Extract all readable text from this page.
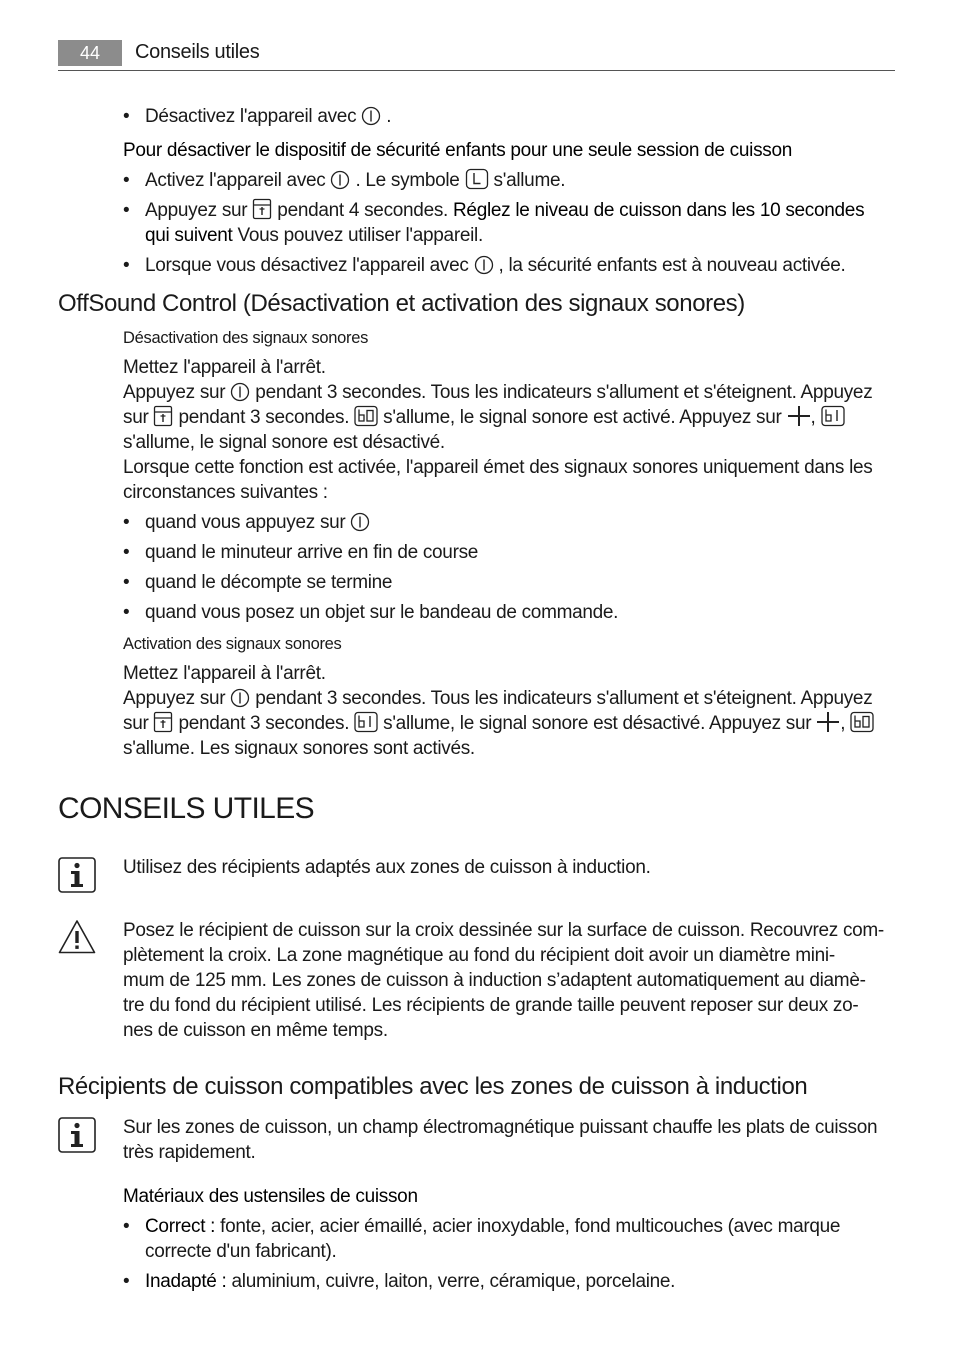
44	Conseils utiles
• Désactivez l'appareil avec .
Pour désactiver le dispositif de sécurité enfants pour une seule session de cuisson
• Activez l'appareil avec . Le symbole s'allume.
• Appuyez sur pendant 4 secondes. Réglez le niveau de cuisson dans les 10 secondes
qui suivent Vous pouvez utiliser l'appareil.
• Lorsque vous désactivez l'appareil avec , la sécurité enfants est à nouveau activée.
OffSound Control (Désactivation et activation des signaux sonores)
Désactivation des signaux sonores
Mettez l'appareil à l'arrêt.
Appuyez sur pendant 3 secondes. Tous les indicateurs s'allument et s'éteignent. Appuyez
sur pendant 3 secondes. s'allume, le signal sonore est activé. Appuyez sur ,
s'allume, le signal sonore est désactivé.
Lorsque cette fonction est activée, l'appareil émet des signaux sonores uniquement dans les
circonstances suivantes :
• quand vous appuyez sur
• quand le minuteur arrive en fin de course
• quand le décompte se termine
• quand vous posez un objet sur le bandeau de commande.
Activation des signaux sonores
Mettez l'appareil à l'arrêt.
Appuyez sur pendant 3 secondes. Tous les indicateurs s'allument et s'éteignent. Appuyez
sur pendant 3 secondes. s'allume, le signal sonore est désactivé. Appuyez sur ,
s'allume. Les signaux sonores sont activés.
CONSEILS UTILES
Utilisez des récipients adaptés aux zones de cuisson à induction.
Posez le récipient de cuisson sur la croix dessinée sur la surface de cuisson. Recouvrez com-
plètement la croix. La zone magnétique au fond du récipient doit avoir un diamètre mini-
mum de 125 mm. Les zones de cuisson à induction s’adaptent automatiquement au diamè-
tre du fond du récipient utilisé. Les récipients de grande taille peuvent reposer sur deux zo-
nes de cuisson en même temps.
Récipients de cuisson compatibles avec les zones de cuisson à induction
Sur les zones de cuisson, un champ électromagnétique puissant chauffe les plats de cuisson
très rapidement.
Matériaux des ustensiles de cuisson
• Correct : fonte, acier, acier émaillé, acier inoxydable, fond multicouches (avec marque
correcte d'un fabricant).
• Inadapté : aluminium, cuivre, laiton, verre, céramique, porcelaine.
